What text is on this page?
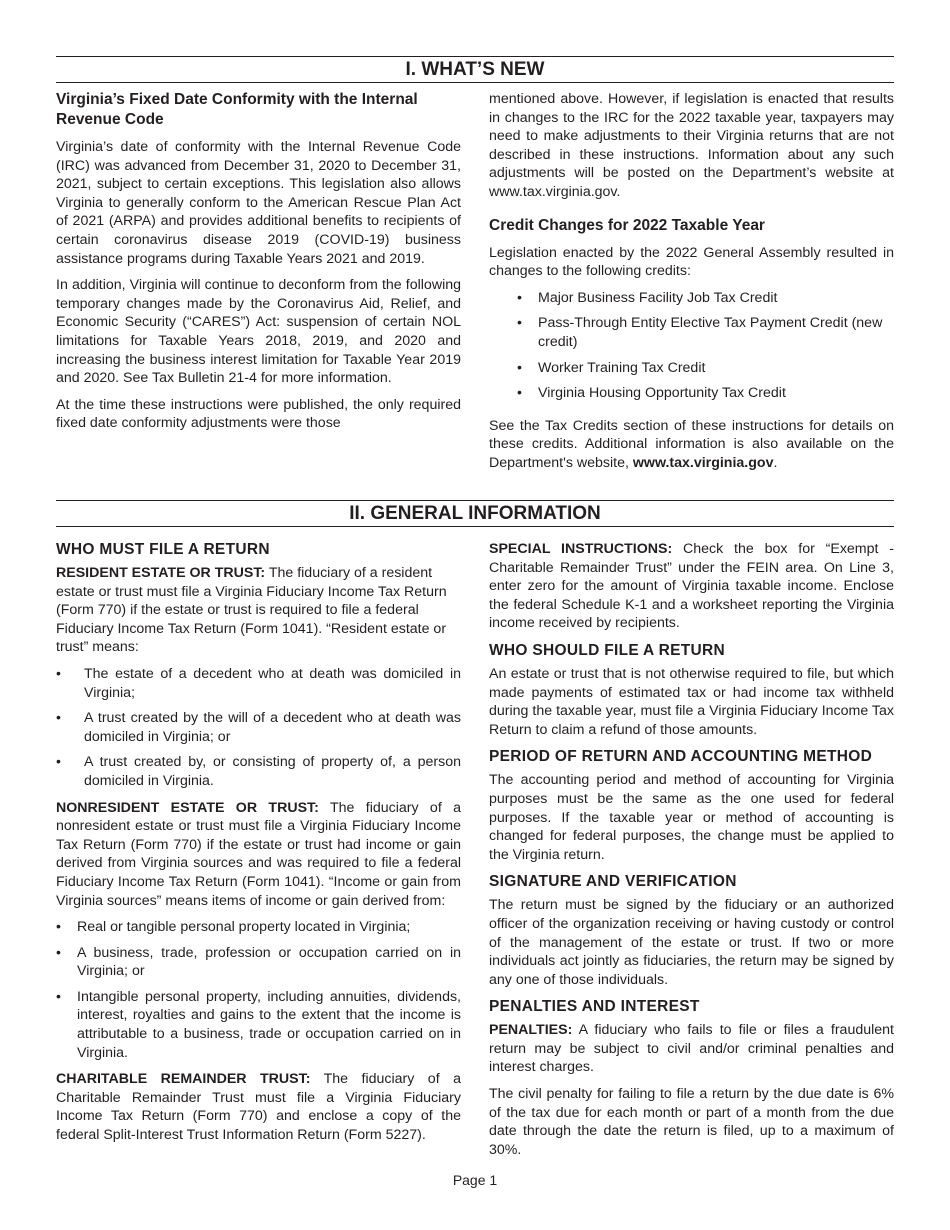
I. WHAT’S NEW
Virginia’s Fixed Date Conformity with the Internal Revenue Code

Virginia’s date of conformity with the Internal Revenue Code (IRC) was advanced from December 31, 2020 to December 31, 2021, subject to certain exceptions. This legislation also allows Virginia to generally conform to the American Rescue Plan Act of 2021 (ARPA) and provides additional benefits to recipients of certain coronavirus disease 2019 (COVID-19) business assistance programs during Taxable Years 2021 and 2019.

In addition, Virginia will continue to deconform from the following temporary changes made by the Coronavirus Aid, Relief, and Economic Security (“CARES”) Act: suspension of certain NOL limitations for Taxable Years 2018, 2019, and 2020 and increasing the business interest limitation for Taxable Year 2019 and 2020. See Tax Bulletin 21-4 for more information.

At the time these instructions were published, the only required fixed date conformity adjustments were those

mentioned above. However, if legislation is enacted that results in changes to the IRC for the 2022 taxable year, taxpayers may need to make adjustments to their Virginia returns that are not described in these instructions. Information about any such adjustments will be posted on the Department’s website at www.tax.virginia.gov.

Credit Changes for 2022 Taxable Year

Legislation enacted by the 2022 General Assembly resulted in changes to the following credits:

• Major Business Facility Job Tax Credit
• Pass-Through Entity Elective Tax Payment Credit (new credit)
• Worker Training Tax Credit
• Virginia Housing Opportunity Tax Credit

See the Tax Credits section of these instructions for details on these credits. Additional information is also available on the Department's website, www.tax.virginia.gov.

II. GENERAL INFORMATION
WHO MUST FILE A RETURN

RESIDENT ESTATE OR TRUST: The fiduciary of a resident estate or trust must file a Virginia Fiduciary Income Tax Return (Form 770) if the estate or trust is required to file a federal Fiduciary Income Tax Return (Form 1041). “Resident estate or trust” means:

• The estate of a decedent who at death was domiciled in Virginia;
• A trust created by the will of a decedent who at death was domiciled in Virginia; or
• A trust created by, or consisting of property of, a person domiciled in Virginia.

NONRESIDENT ESTATE OR TRUST: The fiduciary of a nonresident estate or trust must file a Virginia Fiduciary Income Tax Return (Form 770) if the estate or trust had income or gain derived from Virginia sources and was required to file a federal Fiduciary Income Tax Return (Form 1041). “Income or gain from Virginia sources” means items of income or gain derived from:

• Real or tangible personal property located in Virginia;
• A business, trade, profession or occupation carried on in Virginia; or
• Intangible personal property, including annuities, dividends, interest, royalties and gains to the extent that the income is attributable to a business, trade or occupation carried on in Virginia.

CHARITABLE REMAINDER TRUST: The fiduciary of a Charitable Remainder Trust must file a Virginia Fiduciary Income Tax Return (Form 770) and enclose a copy of the federal Split-Interest Trust Information Return (Form 5227).

SPECIAL INSTRUCTIONS: Check the box for “Exempt - Charitable Remainder Trust” under the FEIN area. On Line 3, enter zero for the amount of Virginia taxable income. Enclose the federal Schedule K-1 and a worksheet reporting the Virginia income received by recipients.

WHO SHOULD FILE A RETURN

An estate or trust that is not otherwise required to file, but which made payments of estimated tax or had income tax withheld during the taxable year, must file a Virginia Fiduciary Income Tax Return to claim a refund of those amounts.

PERIOD OF RETURN AND ACCOUNTING METHOD

The accounting period and method of accounting for Virginia purposes must be the same as the one used for federal purposes. If the taxable year or method of accounting is changed for federal purposes, the change must be applied to the Virginia return.

SIGNATURE AND VERIFICATION

The return must be signed by the fiduciary or an authorized officer of the organization receiving or having custody or control of the management of the estate or trust. If two or more individuals act jointly as fiduciaries, the return may be signed by any one of those individuals.

PENALTIES AND INTEREST

PENALTIES: A fiduciary who fails to file or files a fraudulent return may be subject to civil and/or criminal penalties and interest charges.

The civil penalty for failing to file a return by the due date is 6% of the tax due for each month or part of a month from the due date through the date the return is filed, up to a maximum of 30%.

Page 1
